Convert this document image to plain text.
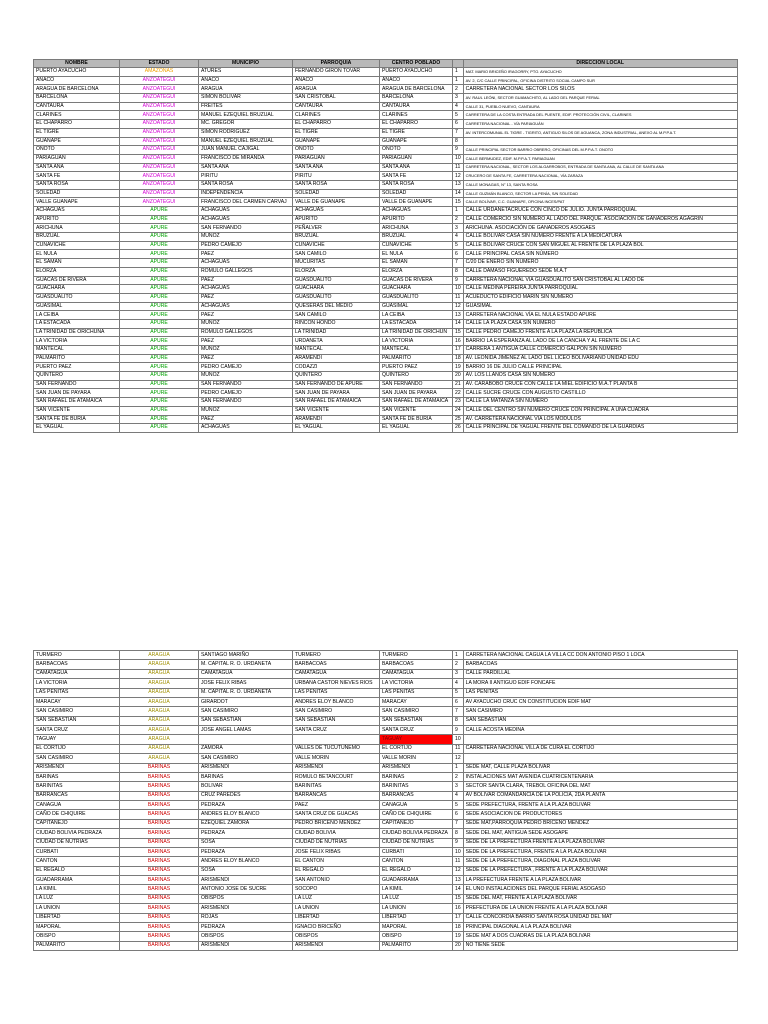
NOMBRE	ESTADO	MUNICIPIO	PARROQUIA	CENTRO POBLADO		DIRECCION LOCAL
PUERTO AYACUCHO	AMAZONAS	ATURES	FERNANDO GIRON TOVAR	PUERTO AYACUCHO	1	MAT. MARIO BRICEÑO IRAGORRY, PTO. AYACUCHO
ANACO	ANZOATEGUI	ANACO	ANACO	ANACO	1	AV. 2, C/C CALLE PRINCIPAL, OFICINA DISTRITO SOCIAL CAMPO SUR
ARAGUA DE BARCELONA	ANZOATEGUI	ARAGUA	ARAGUA	ARAGUA DE BARCELONA	2	CARRETERA NACIONAL SECTOR LOS SILOS
BARCELONA	ANZOATEGUI	SIMON BOLIVAR	SAN CRISTOBAL	BARCELONA	3	AV. RAUL LEÓNI, SECTOR GUAMACHITO, AL LADO DEL PARQUE FERIAL
CANTAURA	ANZOATEGUI	FREITES	CANTAURA	CANTAURA	4	CALLE 31, PUEBLO NUEVO, CANTAURA
CLARINES	ANZOATEGUI	MANUEL EZEQUIEL BRUZUAL	CLARINES	CLARINES	5	CARRETERA DE LA COSTA ENTRADA DEL PUENTE, EDIF. PROTECCIÓN CIVIL, CLARINES
EL CHAPARRO	ANZOATEGUI	MC. GREGOR	EL CHAPARRO	EL CHAPARRO	6	CARRETERA NACIONAL - VÍA PARIAGUÁN
EL TIGRE	ANZOATEGUI	SIMON RODRIGUEZ	EL TIGRE	EL TIGRE	7	AV. INTERCOMUNAL EL TIGRE - TIGRITO, ANTIGUO SILOS DE AGUANCA, ZONA INDUSTRIAL, ANEXO AL M.P.P.A.T.
GUANAPE	ANZOATEGUI	MANUEL EZEQUIEL BRUZUAL	GUANAPE	GUANAPE	8	
ONOTO	ANZOATEGUI	JUAN MANUEL CAJIGAL	ONOTO	ONOTO	9	CALLE PRINCIPAL SECTOR BARRIO OBRERO, OFICINAS DEL M.P.P.A.T. ONOTO
PARIAGUAN	ANZOATEGUI	FRANCISCO DE MIRANDA	PARIAGUAN	PARIAGUAN	10	CALLE BERMUDEZ, EDIF. M.P.P.A.T. PARIAGUAN
SANTA ANA	ANZOATEGUI	SANTA ANA	SANTA ANA	SANTA ANA	11	CARRETERA NACIONAL, SECTOR LOS ALGARROBOS, ENTRADA DE SANTA ANA, AL CALLE DE SANTA ANA
SANTA FE	ANZOATEGUI	PIRITU	PIRITU	SANTA FE	12	CRUCERO DE SANTA FE, CARRETERA NACIONAL, VÍA ZARAZA
SANTA ROSA	ANZOATEGUI	SANTA ROSA	SANTA ROSA	SANTA ROSA	13	CALLE MONAGAS, N° 13, SANTA ROSA
SOLEDAD	ANZOATEGUI	INDEPENDENCIA	SOLEDAD	SOLEDAD	14	CALLE GUZMÁN BLANCO, SECTOR LA PENÍA, S/N SOLEDAD
VALLE GUANAPE	ANZOATEGUI	FRANCISCO DEL CARMEN CARVAJ	VALLE DE GUANAPE	VALLE DE GUANAPE	15	CALLE BOLÍVAR, C.C. GUANAPE, OFICINA INCES/PAT
ACHAGUAS	APURE	ACHAGUAS	ACHAGUAS	ACHAGUAS	1	CALLE URDANETACRUCE CON CINCO DE JULIO. JUNTA PARROQUIAL
APURITO	APURE	ACHAGUAS	APURITO	APURITO	2	CALLE COMERCIO SIN NÚMERO AL LADO DEL PARQUE. ASOCIACIÓN DE GANADEROS AGAGRIN
ARICHUNA	APURE	SAN FERNANDO	PEÑALVER	ARICHUNA	3	ARICHUNA. ASOCIACIÓN DE GANADEROS ASOGAES
BRUZUAL	APURE	MUÑOZ	BRUZUAL	BRUZUAL	4	CALLE BOLIVAR CASA SIN NÚMERO FRENTE A LA MEDICATURA
CUNAVICHE	APURE	PEDRO CAMEJO	CUNAVICHE	CUNAVICHE	5	CALLE BOLIVAR CRUCE CON SAN MIGUEL AL FRENTE DE LA PLAZA BOL
EL NULA	APURE	PAEZ	SAN CAMILO	EL NULA	6	CALLE PRINCIPAL CASA SIN NÚMERO
EL SAMAN	APURE	ACHAGUAS	MUCURITAS	EL SAMAN	7	C/20 DE ENERO SIN NUMERO
ELORZA	APURE	ROMULO GALLEGOS	ELORZA	ELORZA	8	CALLE DAMASO FIGUEREDO SEDE M.A.T
GUACAS DE RIVERA	APURE	PAEZ	GUASDUALITO	GUACAS DE RIVERA	9	CARRETERA NACIONAL VÍA GUASDUALITO SAN CRISTOBAL AL LADO DE
GUACHARA	APURE	ACHAGUAS	GUACHARA	GUACHARA	10	CALLE MEDINA PEREIRA JUNTA PARROQUIAL
GUASDUALITO	APURE	PAEZ	GUASDUALITO	GUASDUALITO	11	ACUEDUCTO EDIFICIO MARIN SIN NÚMERO
GUASIMAL	APURE	ACHAGUAS	QUESERAS DEL MEDIO	GUASIMAL	12	GUASIMAL
LA CEIBA	APURE	PAEZ	SAN CAMILO	LA CEIBA	13	CARRETERA NACIONAL VÍA EL NULA ESTADO APURE
LA ESTACADA	APURE	MUÑOZ	RINCON HONDO	LA ESTACADA	14	CALLE LA PLAZA CASA SIN NÚMERO
LA TRINIDAD DE ORICHUNA	APURE	ROMULO GALLEGOS	LA TRINIDAD	LA TRINIDAD DE ORICHUN	15	CALLE PEDRO CAMEJO FRENTE A LA PLAZA LA REPÚBLICA
LA VICTORIA	APURE	PAEZ	URDANETA	LA VICTORIA	16	BARRIO LA ESPERANZA AL LADO DE LA CANCHA Y AL FRENTE DE LA C
MANTECAL	APURE	MUÑOZ	MANTECAL	MANTECAL	17	CARRERA 1 ANTIGUA CALLE COMERCIO GALPON SIN NUMERO
PALMARITO	APURE	PAEZ	ARAMENDI	PALMARITO	18	AV. LEONIDA JIMENEZ AL LADO DEL LICEO BOLIVARIANO UNIDAD EDU
PUERTO PAEZ	APURE	PEDRO CAMEJO	CODAZZI	PUERTO PAEZ	19	BARRIO 16 DE JULIO CALLE PRINCIPAL
QUINTERO	APURE	MUÑOZ	QUINTERO	QUINTERO	20	AV. LOS LLANOS CASA SIN NÚMERO
SAN FERNANDO	APURE	SAN FERNANDO	SAN FERNANDO DE APURE	SAN FERNANDO	21	AV. CARABOBO CRUCE CON CALLE LA MIEL EDIFICIO M.A.T PLANTA B
SAN JUAN DE PAYARA	APURE	PEDRO CAMEJO	SAN JUAN DE PAYARA	SAN JUAN DE PAYARA	22	CALLE SUCRE CRUCE CON AUGUSTO CASTILLO
SAN RAFAEL DE ATAMAICA	APURE	SAN FERNANDO	SAN RAFAEL DE ATAMAICA	SAN RAFAEL DE ATAMAICA	23	CALLE LA MATANZA SIN NÚMERO
SAN VICENTE	APURE	MUÑOZ	SAN VICENTE	SAN VICENTE	24	CALLE DEL CENTRO SIN NÚMERO CRUCE CON PRINCIPAL A UNA CUADRA
SANTA FE DE BURIA	APURE	PAEZ	ARAMENDI	SANTA FE DE BURIA	25	AV. CARRETERA NACIONAL VIA LOS MODULOS
EL YAGUAL	APURE	ACHAGUAS	EL YAGUAL	EL YAGUAL	26	CALLE PRINCIPAL DE YAGUAL FRENTE DEL COMANDO DE LA GUARDIAS
TURMERO	ARAGUA	SANTIAGO MARIÑO	TURMERO	TURMERO	1	CARRETERA NACIONAL CAGUA LA VILLA CC DON ANTONIO PISO 1 LOCA
BARBACOAS	ARAGUA	M. CAPITAL R. O. URDANETA	BARBACOAS	BARBACOAS	2	BARBACOAS
CAMATAGUA	ARAGUA	CAMATAGUA	CAMATAGUA	CAMATAGUA	3	CALLE PARDILLAL
LA VICTORIA	ARAGUA	JOSE FELIX RIBAS	URBANA CASTOR NIEVES RIOS	LA VICTORIA	4	LA MORA II ANTIGUO EDIF FONCAFE
LAS PEÑITAS	ARAGUA	M. CAPITAL R. O. URDANETA	LAS PEÑITAS	LAS PEÑITAS	5	LAS PEÑITAS
MARACAY	ARAGUA	GIRARDOT	ANDRES ELOY BLANCO	MARACAY	6	AV AYACUCHO CRUC CN CONSTITUCION EDIF MAT
SAN CASIMIRO	ARAGUA	SAN CASIMIRO	SAN CASIMIRO	SAN CASIMIRO	7	SAN CASIMIRO
SAN SEBASTIAN	ARAGUA	SAN SEBASTIAN	SAN SEBASTIAN	SAN SEBASTIAN	8	SAN SEBASTIAN
SANTA CRUZ	ARAGUA	JOSE ANGEL LAMAS	SANTA CRUZ	SANTA CRUZ	9	CALLE ACOSTA MEDINA
TAGUAY	ARAGUA			TAGUAY	10	
EL CORTIJO	ARAGUA	ZAMORA	VALLES DE TUCUTUNEMO	EL CORTIJO	11	CARRETERA NACIONAL VILLA DE CURA EL CORTIJO
SAN CASIMIRO	ARAGUA	SAN CASIMIRO	VALLE MORIN	VALLE MORIN	12	
ARISMENDI	BARINAS	ARISMENDI	ARISMENDI	ARISMENDI	1	SEDE MAT, CALLE PLAZA BOLIVAR
BARINAS	BARINAS	BARINAS	ROMULO BETANCOURT	BARINAS	2	INSTALACIONES MAT AVENIDA CUATRICENTENARIA
BARINITAS	BARINAS	BOLIVAR	BARINITAS	BARINITAS	3	SECTOR SANTA CLARA, TREBOL OFICINA DEL MAT
BARRANCAS	BARINAS	CRUZ PAREDES	BARRANCAS	BARRANCAS	4	AV BOLIVAR COMANDANCIA DE LA POLICIA, 2DA PLANTA
CANAGUA	BARINAS	PEDRAZA	PAEZ	CANAGUA	5	SEDE PREFECTURA, FRENTE A LA PLAZA BOLIVAR
CAÑO DE CHIQUIRE	BARINAS	ANDRES ELOY BLANCO	SANTA CRUZ DE GUACAS	CAÑO DE CHIQUIRE	6	SEDE ASOCIACION DE PRODUCTORES
CAPITANEJO	BARINAS	EZEQUIEL ZAMORA	PEDRO BRICEÑO MENDEZ	CAPITANEJO	7	SEDE MAT,PARROQUIA PEDRO BRICEÑO MENDEZ
CIUDAD BOLIVIA PEDRAZA	BARINAS	PEDRAZA	CIUDAD BOLIVIA	CIUDAD BOLIVIA PEDRAZA	8	SEDE DEL MAT, ANTIGUA SEDE ASOGAPE
CIUDAD DE NUTRIAS	BARINAS	SOSA	CIUDAD DE NUTRIAS	CIUDAD DE NUTRIAS	9	SEDE DE LA PREFECTURA FRENTE A LA PLAZA BOLIVAR
CURBATI	BARINAS	PEDRAZA	JOSE FELIX RIBAS	CURBATI	10	SEDE DE LA PREFECTURA, FRENTE A LA PLAZA BOLIVAR
CANTON	BARINAS	ANDRES ELOY BLANCO	EL CANTON	CANTON	11	SEDE DE LA PREFECTURA, DIAGONAL PLAZA BOLIVAR
EL REGALO	BARINAS	SOSA	EL REGALO	EL REGALO	12	SEDE DE LA PREFECTURA , FRENTE A LA PLAZA BOLIVAR
GUADARRAMA	BARINAS	ARISMENDI	SAN ANTONIO	GUADARRAMA	13	LA PREFECTURA FRENTE A LA PLAZA BOLIVAR
LA KIMIL	BARINAS	ANTONIO JOSE DE SUCRE	SOCOPO	LA KIMIL	14	EL UNO INSTALACIONES DEL PARQUE FERIAL ASOGASO
LA LUZ	BARINAS	OBISPOS	LA LUZ	LA LUZ	15	SEDE DEL MAT, FRENTE A LA PLAZA BOLIVAR
LA UNION	BARINAS	ARISMENDI	LA UNION	LA UNION	16	PREFECTURA DE LA UNION FRENTE A LA PLAZA BOLIVAR
LIBERTAD	BARINAS	ROJAS	LIBERTAD	LIBERTAD	17	CALLE CONCORDIA BARRIO SANTA ROSA UNIDAD DEL MAT
MAPORAL	BARINAS	PEDRAZA	IGNACIO BRICEÑO	MAPORAL	18	PRINCIPAL DIAGONAL A LA PLAZA BOLIVAR
OBISPO	BARINAS	OBISPOS	OBISPOS	OBISPO	19	SEDE MAT A DOS CUADRAS DE LA PLAZA BOLIVAR
PALMARITO	BARINAS	ARISMENDI	ARISMENDI	PALMARITO	20	NO TIENE SEDE
